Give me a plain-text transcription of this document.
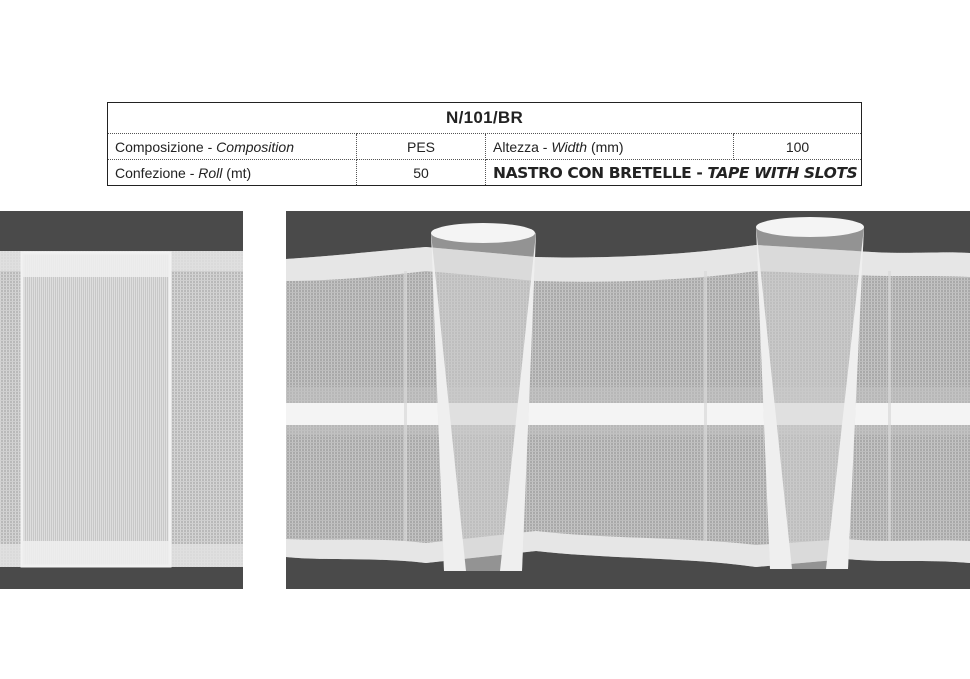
N/101/BR			
Composizione - Composition	PES	Altezza - Width (mm)	100
Confezione - Roll (mt)	50	NASTRO CON BRETELLE - TAPE WITH SLOTS	
